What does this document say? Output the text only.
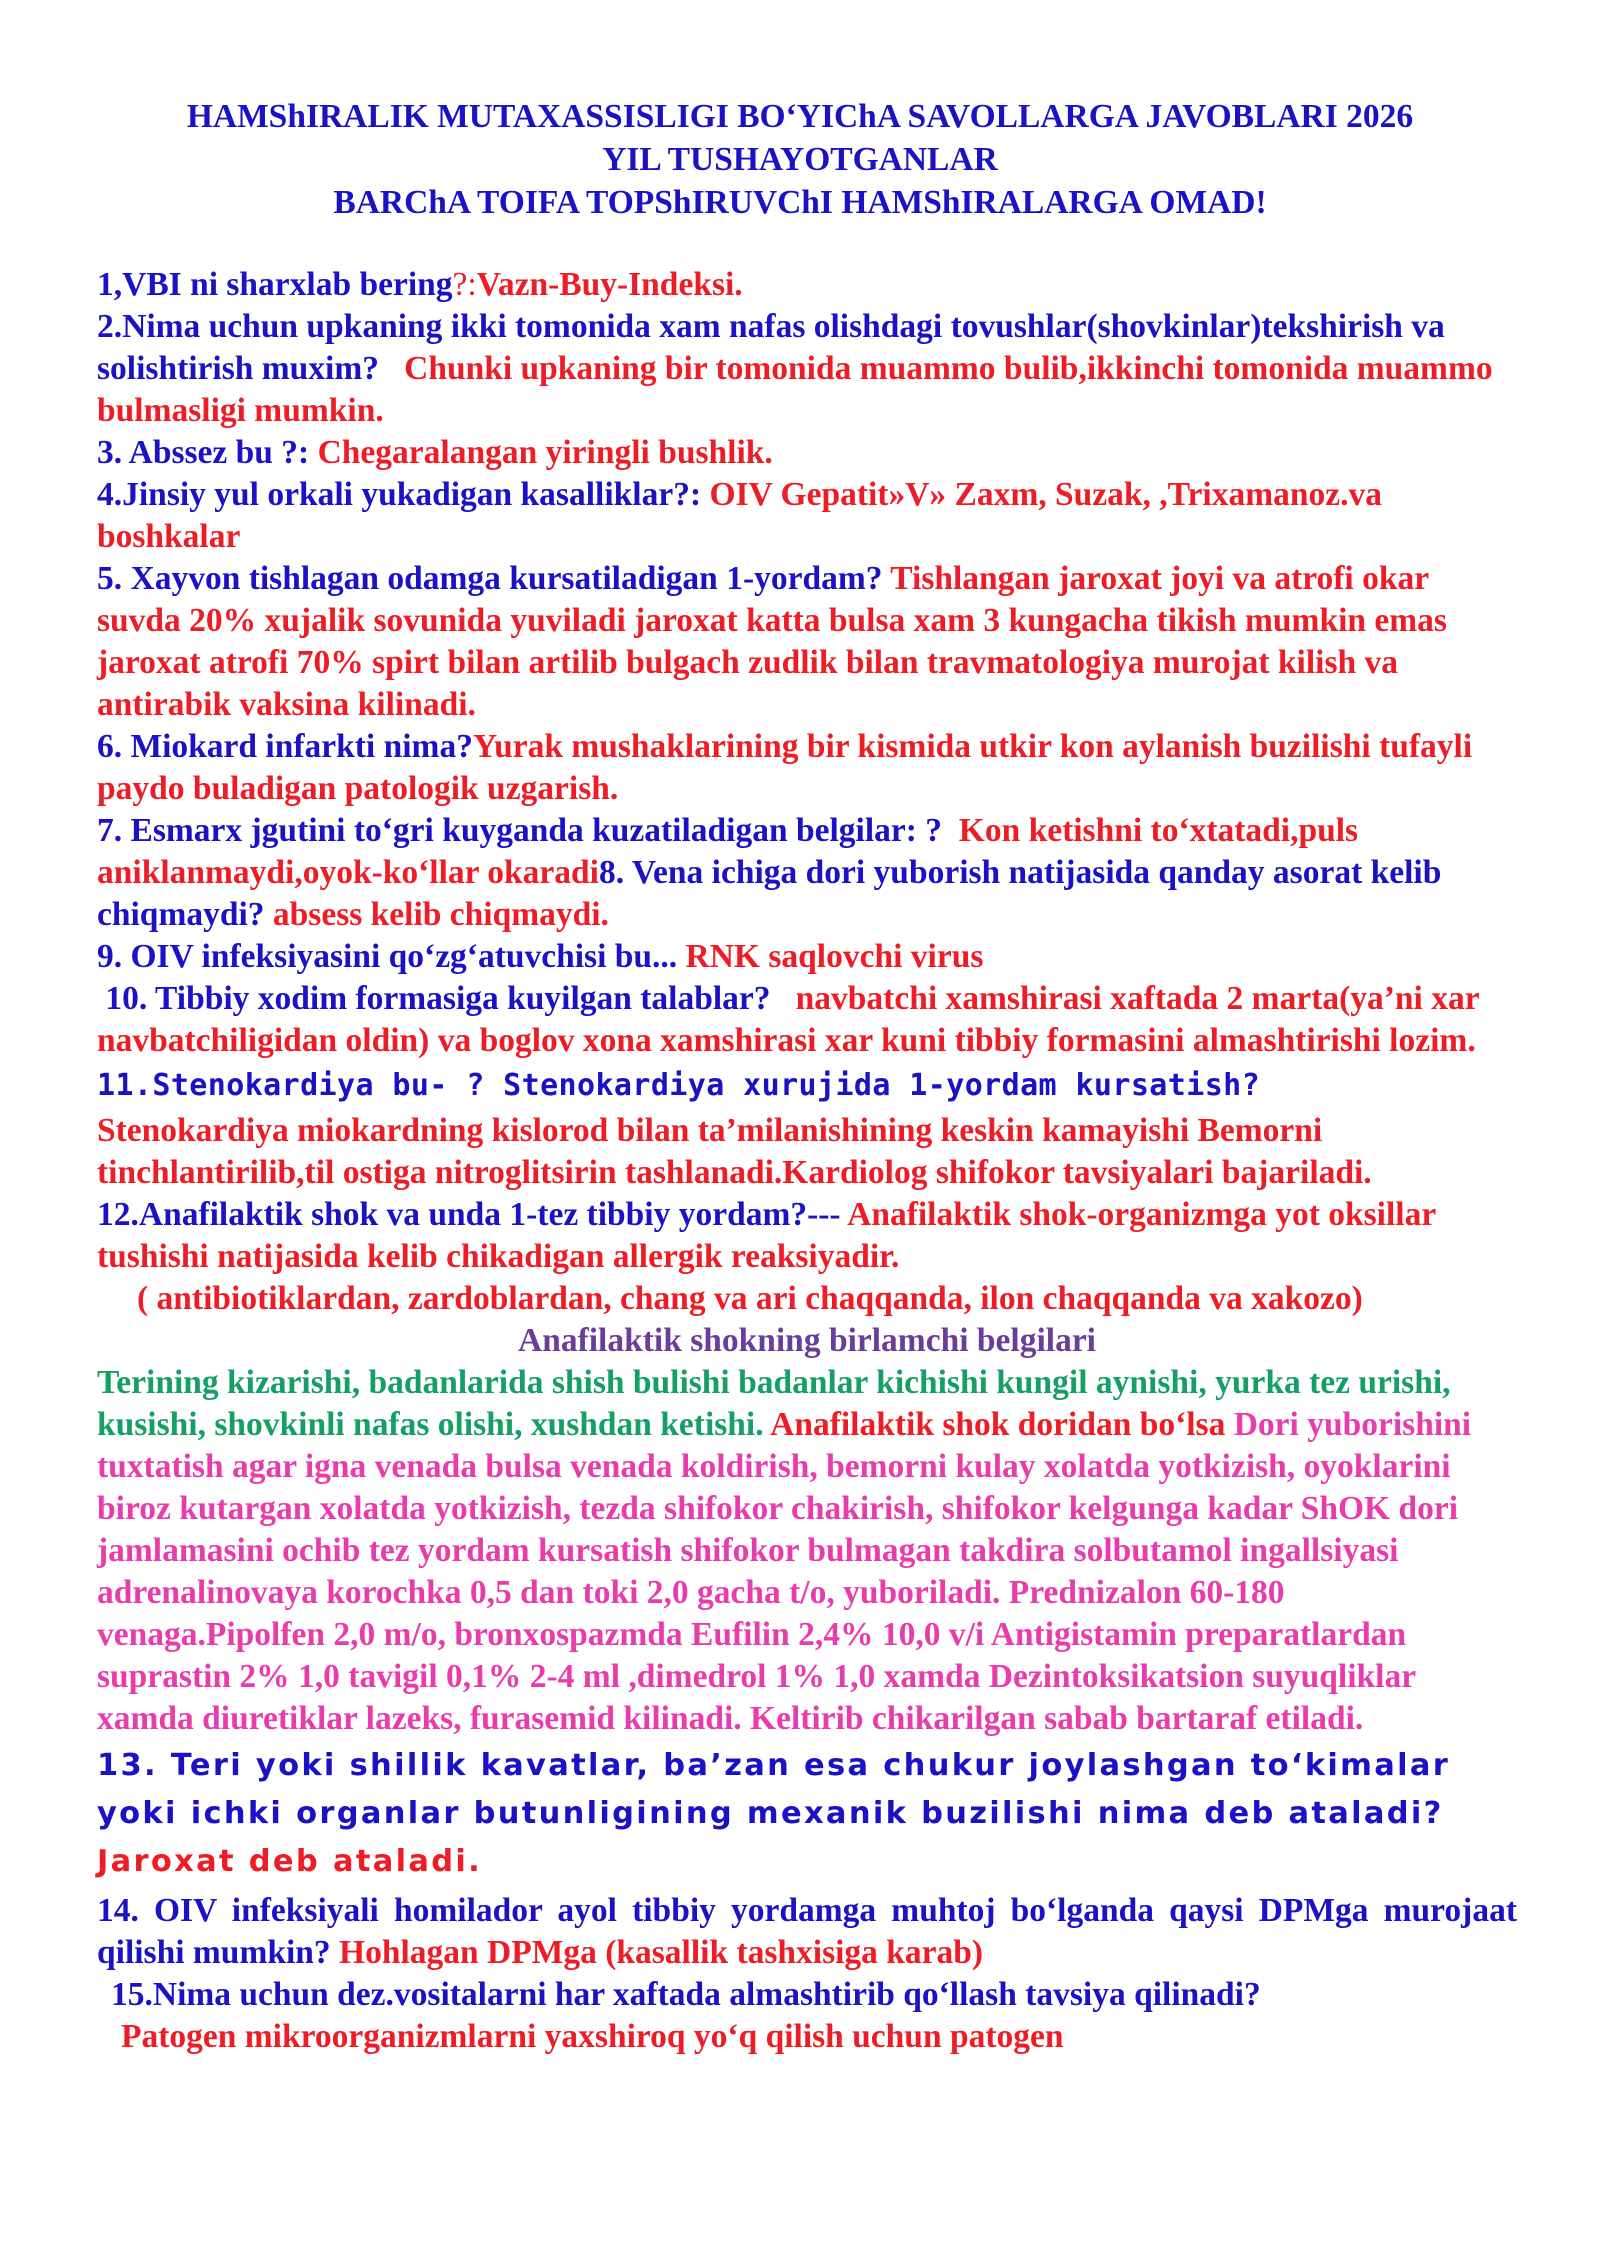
HAMShIRALIK MUTAXASSISLIGI BO‘YIChA SAVOLLARGA JAVOBLARI 2026
YIL TUSHAYOTGANLAR
BARChA TOIFA TOPShIRUVChI HAMShIRALARGA OMAD!
1,VBI ni sharxlab bering?:Vazn-Buy-Indeksi.
2.Nima uchun upkaning ikki tomonida xam nafas olishdagi tovushlar(shovkinlar)tekshirish va solishtirish muxim? Chunki upkaning bir tomonida muammo bulib,ikkinchi tomonida muammo bulmasligi mumkin.
3. Abssez bu ?: Chegaralangan yiringli bushlik.
4.Jinsiy yul orkali yukadigan kasalliklar?: OIV Gepatit»V» Zaxm, Suzak, ,Trixamanoz.va boshkalar
5. Xayvon tishlagan odamga kursatiladigan 1-yordam? Tishlangan jaroxat joyi va atrofi okar suvda 20% xujalik sovunida yuviladi jaroxat katta bulsa xam 3 kungacha tikish mumkin emas jaroxat atrofi 70% spirt bilan artilib bulgach zudlik bilan travmatologiya murojat kilish va antirabik vaksina kilinadi.
6. Miokard infarkti nima?Yurak mushaklarining bir kismida utkir kon aylanish buzilishi tufayli paydo buladigan patologik uzgarish.
7. Esmarx jgutini to‘gri kuyganda kuzatiladigan belgilar: ? Kon ketishni to‘xtatadi,puls aniklanmaydi,oyok-ko‘llar okaradi8. Vena ichiga dori yuborish natijasida qanday asorat kelib chiqmaydi? absess kelib chiqmaydi.
9. OIV infeksiyasini qo‘zg‘atuvchisi bu... RNK saqlovchi virus
10. Tibbiy xodim formasiga kuyilgan talablar? navbatchi xamshirasi xaftada 2 marta(ya’ni xar navbatchiligidan oldin) va boglov xona xamshirasi xar kuni tibbiy formasini almashtirishi lozim.
11.Stenokardiya bu- ? Stenokardiya xurujida 1-yordam kursatish?
Stenokardiya miokardning kislorod bilan ta’milanishining keskin kamayishi Bemorni tinchlantirilib,til ostiga nitroglitsirin tashlanadi.Kardiolog shifokor tavsiyalari bajariladi.
12.Anafilaktik shok va unda 1-tez tibbiy yordam?--- Anafilaktik shok-organizmga yot oksillar tushishi natijasida kelib chikadigan allergik reaksiyadir.
( antibiotiklardan, zardoblardan, chang va ari chaqqanda, ilon chaqqanda va xakozo)
Anafilaktik shokning birlamchi belgilari
Terining kizarishi, badanlarida shish bulishi badanlar kichishi kungil aynishi, yurka tez urishi, kusishi, shovkinli nafas olishi, xushdan ketishi. Anafilaktik shok doridan bo‘lsa Dori yuborishini tuxtatish agar igna venada bulsa venada koldirish, bemorni kulay xolatda yotkizish, oyoklarini biroz kutargan xolatda yotkizish, tezda shifokor chakirish, shifokor kelgunga kadar ShOK dori jamlamasini ochib tez yordam kursatish shifokor bulmagan takdira solbutamol ingallsiyasi adrenalinovaya korochka 0,5 dan toki 2,0 gacha t/o, yuboriladi. Prednizalon 60-180 venaga.Pipolfen 2,0 m/o, bronxospazmda Eufilin 2,4% 10,0 v/i Antigistamin preparatlardan suprastin 2% 1,0 tavigil 0,1% 2-4 ml ,dimedrol 1% 1,0 xamda Dezintoksikatsion suyuqliklar xamda diuretiklar lazeks, furasemid kilinadi. Keltirib chikarilgan sabab bartaraf etiladi.
13. Teri yoki shillik kavatlar, ba’zan esa chukur joylashgan to‘kimalar yoki ichki organlar butunligining mexanik buzilishi nima deb ataladi? Jaroxat deb ataladi.
14. OIV infeksiyali homilador ayol tibbiy yordamga muhtoj bo‘lganda qaysi DPMga murojaat qilishi mumkin? Hohlagan DPMga (kasallik tashxisiga karab)
15.Nima uchun dez.vositalarni har xaftada almashtirib qo‘llash tavsiya qilinadi?
Patogen mikroorganizmlarni yaxshiroq yo‘q qilish uchun patogen
